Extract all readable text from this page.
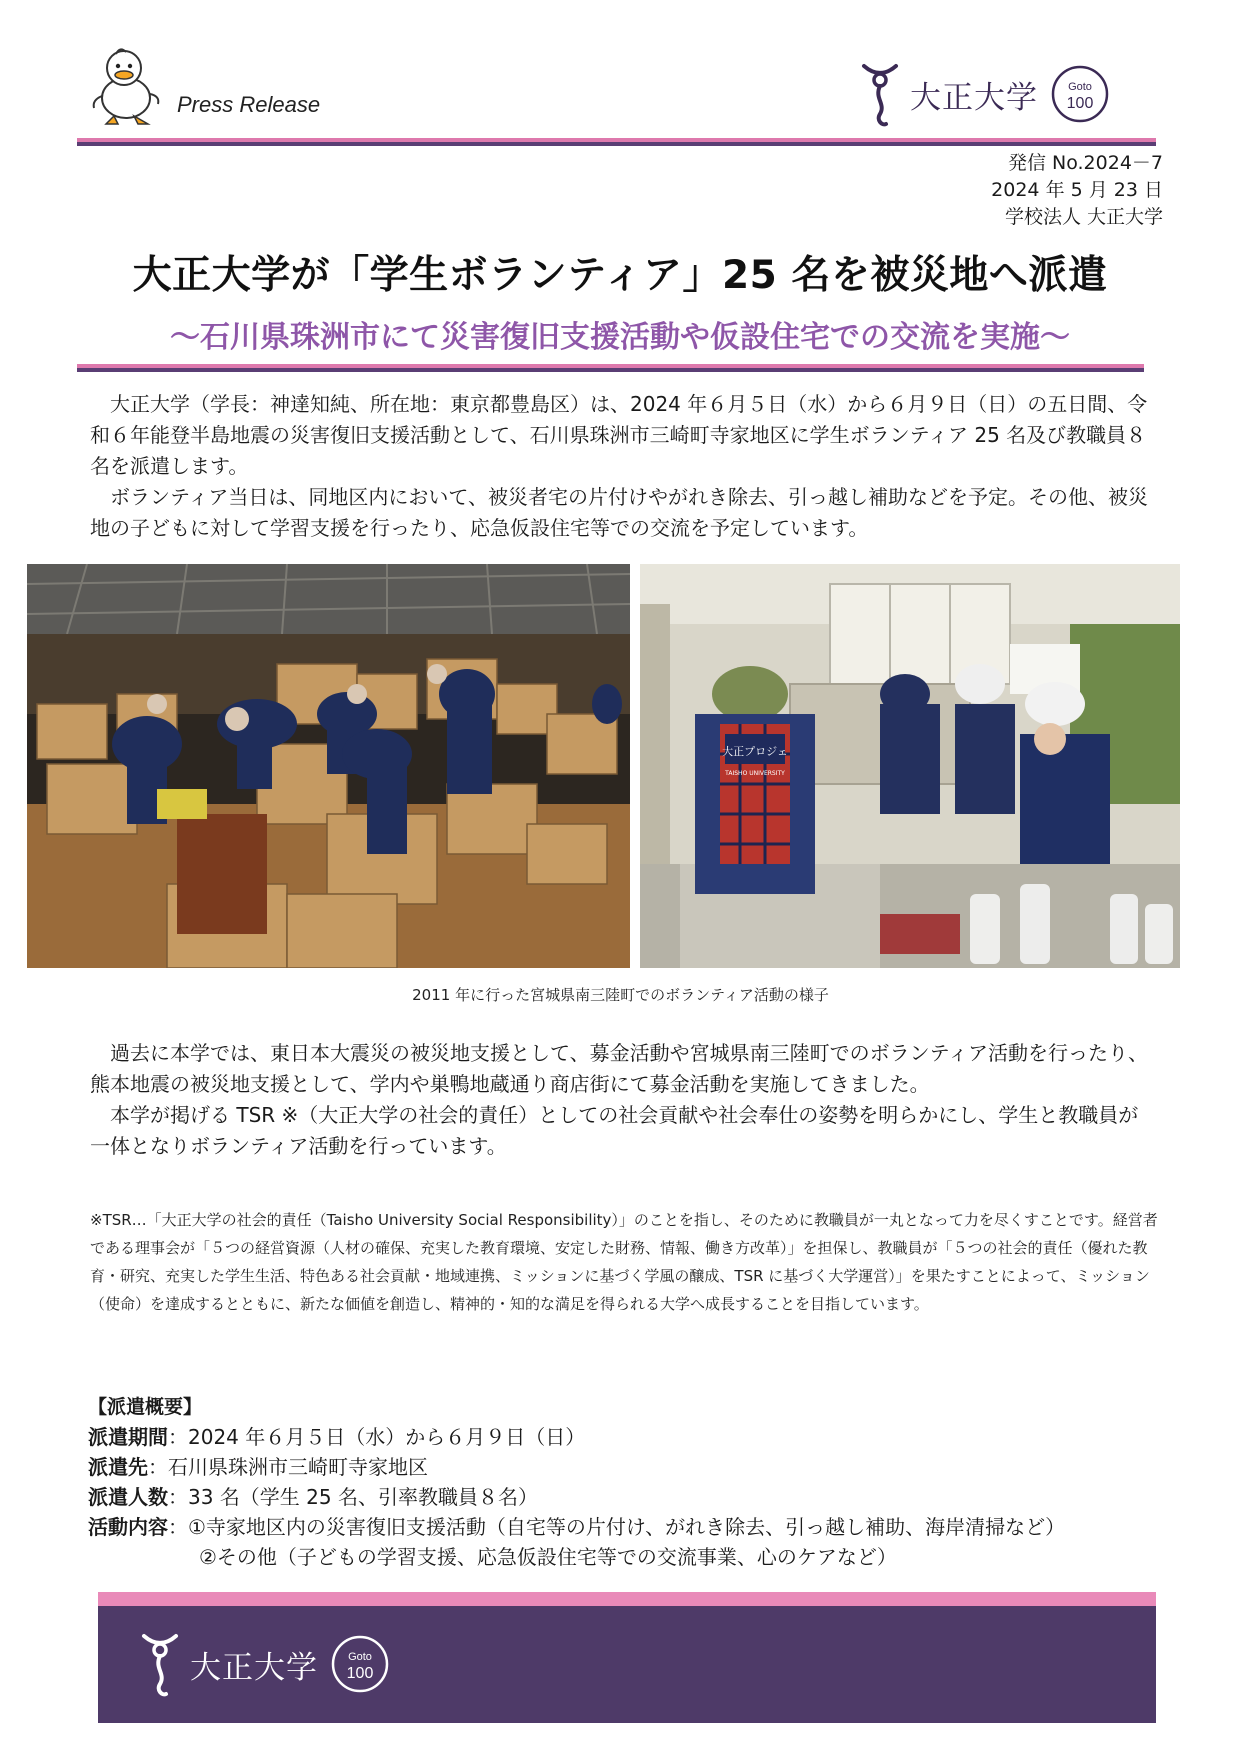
Press Release	大正大学	Goto
100
発信 No.2024－7
2024 年 5 月 23 日
学校法人 大正大学
大正大学が「学生ボランティア」25 名を被災地へ派遣
～石川県珠洲市にて災害復旧支援活動や仮設住宅での交流を実施～

大正大学（学長：神達知純、所在地：東京都豊島区）は、2024 年６月５日（水）から６月９日（日）の五日間、令和６年能登半島地震の災害復旧支援活動として、石川県珠洲市三崎町寺家地区に学生ボランティア 25 名及び教職員８名を派遣します。

ボランティア当日は、同地区内において、被災者宅の片付けやがれき除去、引っ越し補助などを予定。その他、被災地の子どもに対して学習支援を行ったり、応急仮設住宅等での交流を予定しています。

大正プロジェ
TAISHO UNIVERSITY
2011 年に行った宮城県南三陸町でのボランティア活動の様子

過去に本学では、東日本大震災の被災地支援として、募金活動や宮城県南三陸町でのボランティア活動を行ったり、熊本地震の被災地支援として、学内や巣鴨地蔵通り商店街にて募金活動を実施してきました。

本学が掲げる TSR ※（大正大学の社会的責任）としての社会貢献や社会奉仕の姿勢を明らかにし、学生と教職員が一体となりボランティア活動を行っています。

※TSR…「大正大学の社会的責任（Taisho University Social Responsibility）」のことを指し、そのために教職員が一丸となって力を尽くすことです。経営者である理事会が「５つの経営資源（人材の確保、充実した教育環境、安定した財務、情報、働き方改革）」を担保し、教職員が「５つの社会的責任（優れた教育・研究、充実した学生生活、特色ある社会貢献・地域連携、ミッションに基づく学風の醸成、TSR に基づく大学運営）」を果たすことによって、ミッション（使命）を達成するとともに、新たな価値を創造し、精神的・知的な満足を得られる大学へ成長することを目指しています。
【派遣概要】
派遣期間 ：2024 年６月５日（水）から６月９日（日）
派遣先 ：石川県珠洲市三崎町寺家地区
派遣人数 ：33 名（学生 25 名、引率教職員８名）
活動内容 ：①寺家地区内の災害復旧支援活動（自宅等の片付け、がれき除去、引っ越し補助、海岸清掃など）
②その他（子どもの学習支援、応急仮設住宅等での交流事業、心のケアなど）
大正大学	Goto
100
